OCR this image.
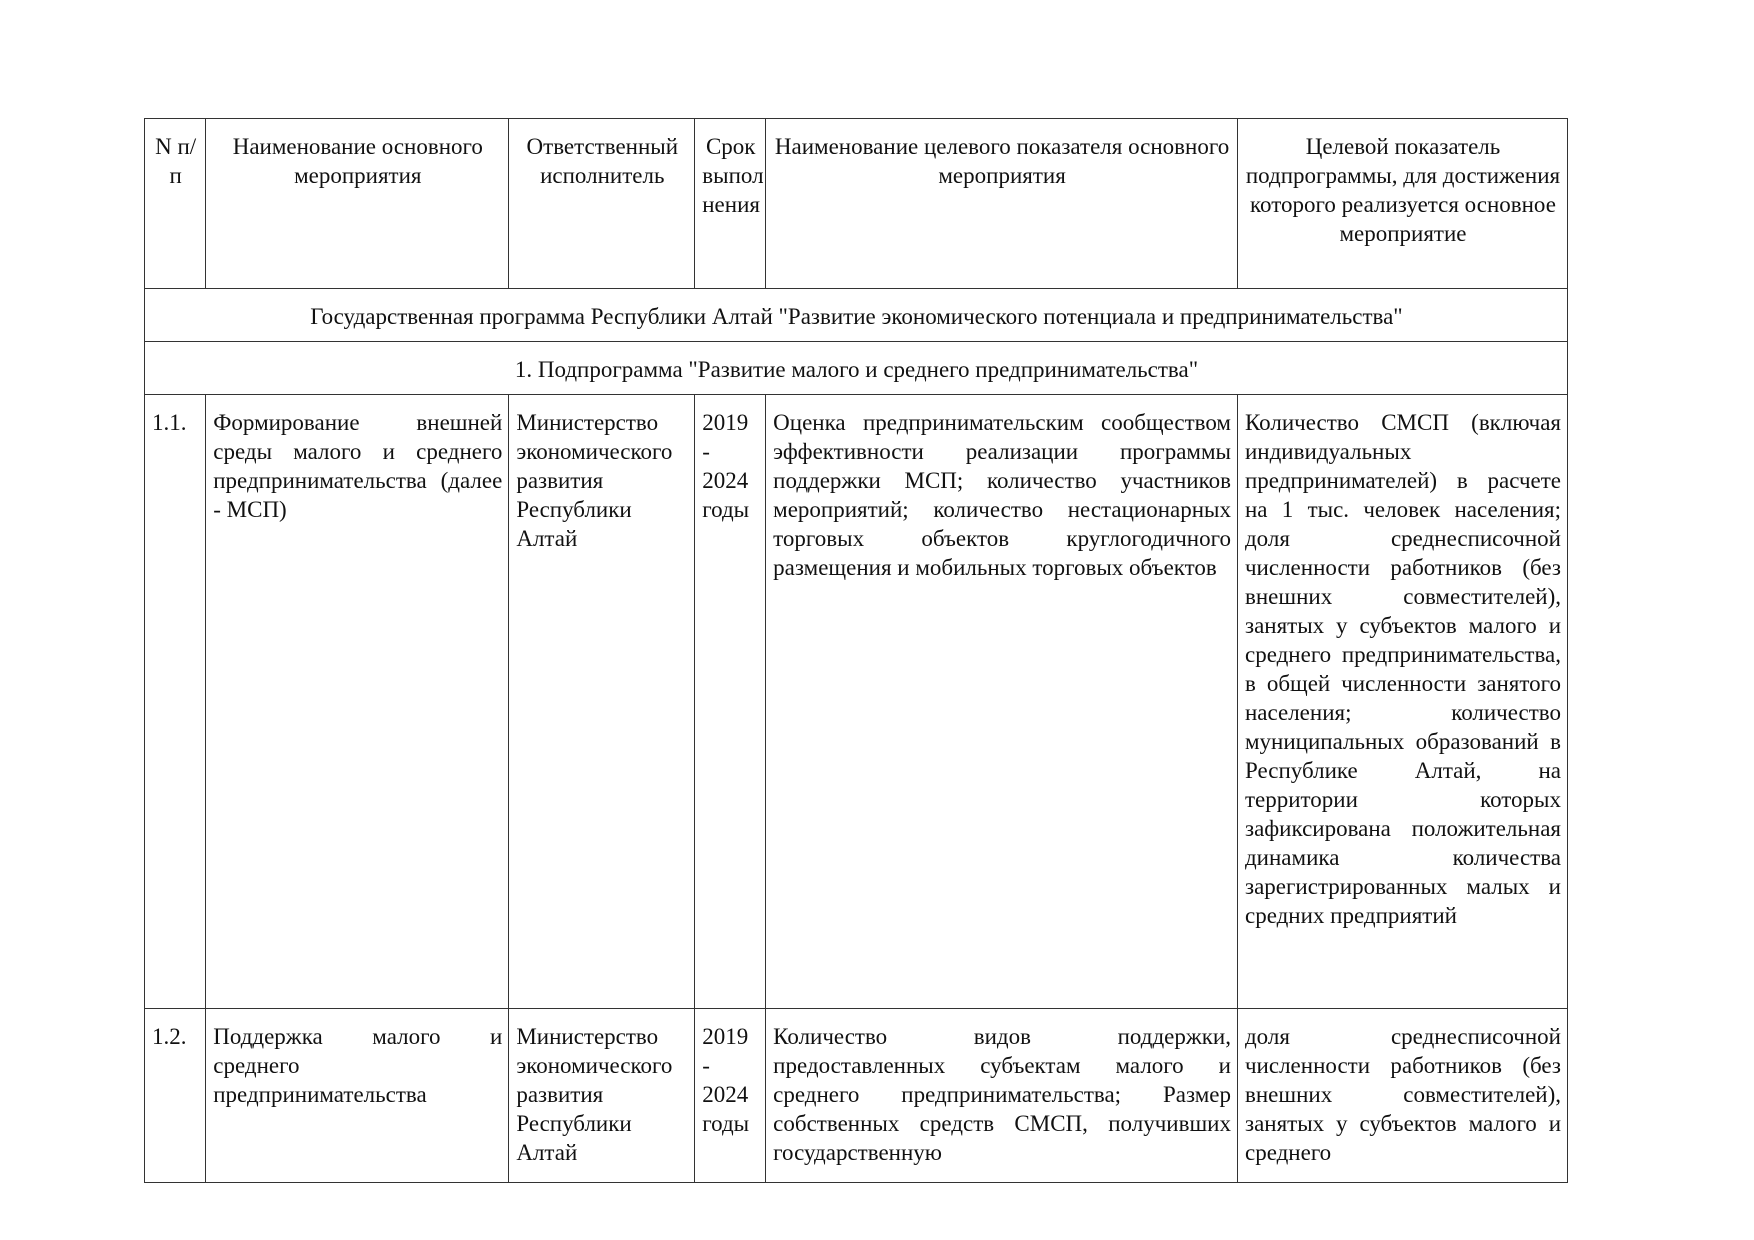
N п/п	Наименование основного мероприятия	Ответственный исполнитель	Срок выпол нения	Наименование целевого показателя основного мероприятия	Целевой показатель подпрограммы, для достижения которого реализуется основное мероприятие
Государственная программа Республики Алтай "Развитие экономического потенциала и предпринимательства"					
1. Подпрограмма "Развитие малого и среднего предпринимательства"					
1.1.	Формирование внешней среды малого и среднего предпринимательства (далее - МСП)	Министерство экономического развития Республики Алтай	2019 - 2024 годы	Оценка предпринимательским сообществом эффективности реализации программы поддержки МСП; количество участников мероприятий; количество нестационарных торговых объектов круглогодичного размещения и мобильных торговых объектов	Количество СМСП (включая индивидуальных предпринимателей) в расчете на 1 тыс. человек населения; доля среднесписочной численности работников (без внешних совместителей), занятых у субъектов малого и среднего предпринимательства, в общей численности занятого населения; количество муниципальных образований в Республике Алтай, на территории которых зафиксирована положительная динамика количества зарегистрированных малых и средних предприятий
1.2.	Поддержка малого и среднего предпринимательства	Министерство экономического развития Республики Алтай	2019 - 2024 годы	Количество видов поддержки, предоставленных субъектам малого и среднего предпринимательства; Размер собственных средств СМСП, получивших государственную	доля среднесписочной численности работников (без внешних совместителей), занятых у субъектов малого и среднего
